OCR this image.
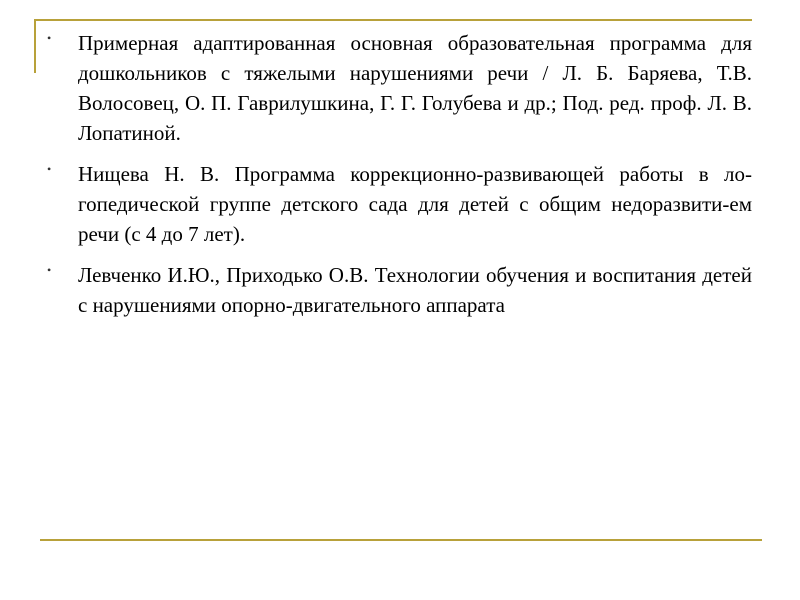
• Примерная адаптированная основная образовательная программа для дошкольников с тяжелыми нарушениями речи / Л. Б. Баряева, Т.В. Волосовец, О. П. Гаврилушкина, Г. Г. Голубева и др.; Под. ред. проф. Л. В. Лопатиной.
• Нищева Н. В. Программа коррекционно-развивающей работы в ло-гопедической группе детского сада для детей с общим недоразвити-ем речи (с 4 до 7 лет).
• Левченко И.Ю., Приходько О.В. Технологии обучения и воспитания детей с нарушениями опорно-двигательного аппарата
